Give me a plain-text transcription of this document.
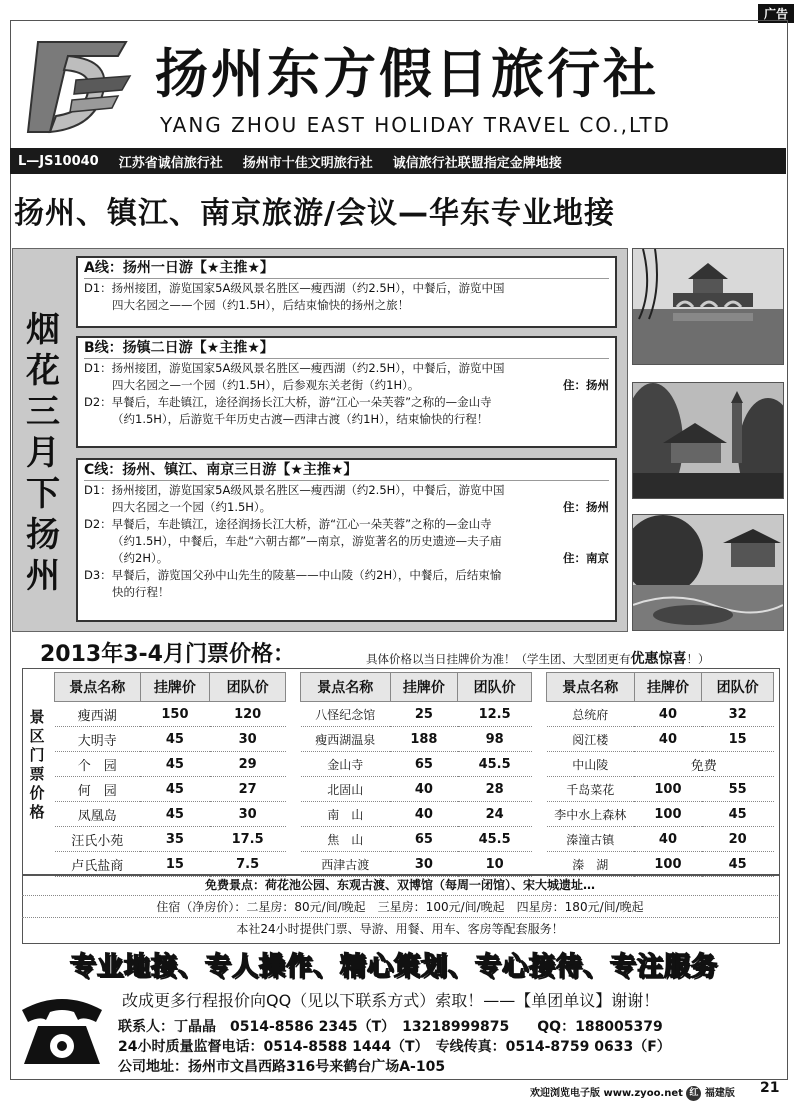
广告
扬州东方假日旅行社
YANG ZHOU EAST HOLIDAY TRAVEL CO.,LTD
L—JS10040 江苏省诚信旅行社 扬州市十佳文明旅行社 诚信旅行社联盟指定金牌地接
扬州、镇江、南京旅游/会议—华东专业地接
烟
花
三
月
下
扬
州
A线：扬州一日游【★主推★】
D1：扬州接团，游览国家5A级风景名胜区—瘦西湖（约2.5H），中餐后，游览中国
四大名园之——个园（约1.5H），后结束愉快的扬州之旅！
B线：扬镇二日游【★主推★】
D1：扬州接团，游览国家5A级风景名胜区—瘦西湖（约2.5H），中餐后，游览中国
住：扬州
四大名园之—一个园（约1.5H），后参观东关老街（约1H）。
D2：早餐后，车赴镇江，途径润扬长江大桥，游“江心一朵芙蓉”之称的—金山寺
（约1.5H），后游览千年历史古渡—西津古渡（约1H），结束愉快的行程！
C线：扬州、镇江、南京三日游【★主推★】
D1：扬州接团，游览国家5A级风景名胜区—瘦西湖（约2.5H），中餐后，游览中国
住：扬州
四大名园之一个园（约1.5H）。
D2：早餐后，车赴镇江，途径润扬长江大桥，游“江心一朵芙蓉”之称的—金山寺
（约1.5H），中餐后，车赴“六朝古都”—南京，游览著名的历史遗迹—夫子庙
住：南京
（约2H）。
D3：早餐后，游览国父孙中山先生的陵墓——中山陵（约2H），中餐后，后结束愉
快的行程！
2013年3-4月门票价格：	具体价格以当日挂牌价为准！（学生团、大型团更有优惠惊喜！）
景
区
门
票
价
格
景点名称	挂牌价	团队价
瘦西湖	150	120
大明寺	45	30
个　园	45	29
何　园	45	27
凤凰岛	45	30
汪氏小苑	35	17.5
卢氏盐商	15	7.5
景点名称	挂牌价	团队价
八怪纪念馆	25	12.5
瘦西湖温泉	188	98
金山寺	65	45.5
北固山	40	28
南　山	40	24
焦　山	65	45.5
西津古渡	30	10
景点名称	挂牌价	团队价
总统府	40	32
阅江楼	40	15
中山陵	免费	
千岛菜花	100	55
李中水上森林	100	45
溱潼古镇	40	20
溱　湖	100	45
免费景点：荷花池公园、东观古渡、双博馆（每周一闭馆）、宋大城遗址…
住宿（净房价）：二星房：80元/间/晚起　三星房：100元/间/晚起　四星房：180元/间/晚起
本社24小时提供门票、导游、用餐、用车、客房等配套服务！
专业地接、专人操作、精心策划、专心接待、专注服务
改成更多行程报价向QQ（见以下联系方式）索取！——【单团单议】谢谢！
联系人：丁晶晶　0514-8586 2345（T）　13218999875　　QQ：188005379
24小时质量监督电话：0514-8588 1444（T）　专线传真：0514-8759 0633（F）
公司地址：扬州市文昌西路316号来鹤台广场A-105
欢迎浏览电子版 www.zyoo.net 红 福建版 21
